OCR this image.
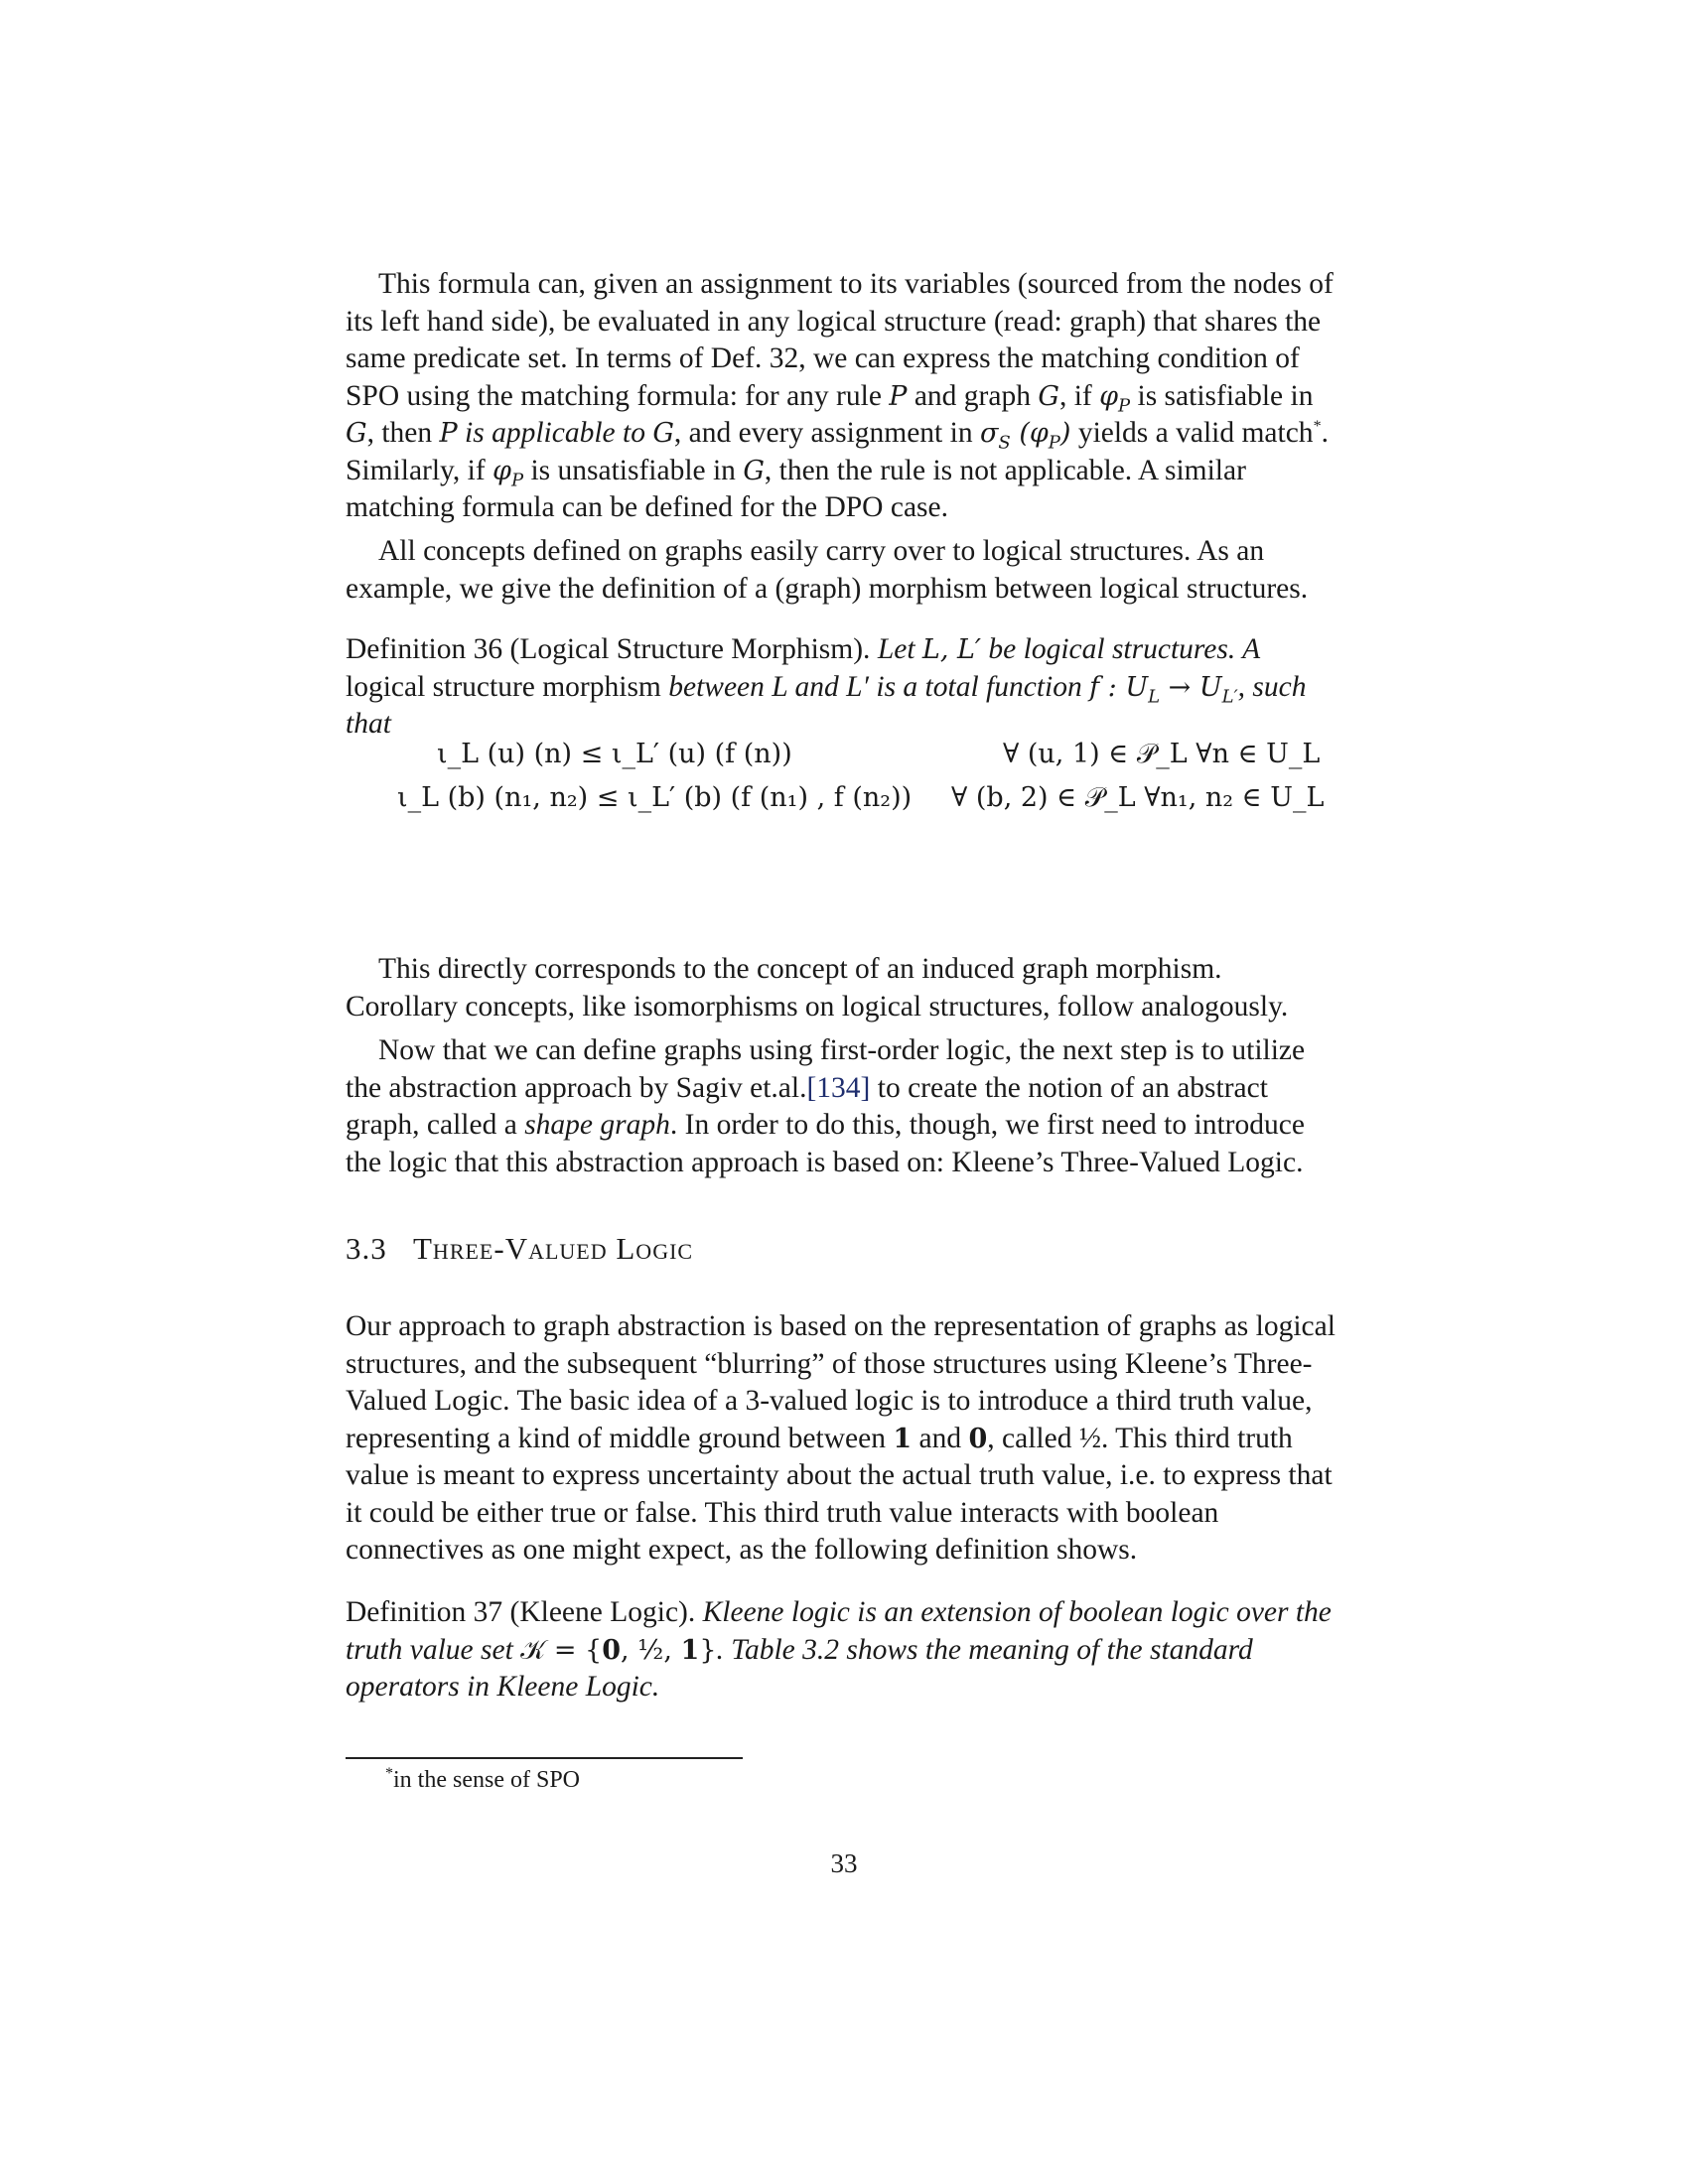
This formula can, given an assignment to its variables (sourced from the nodes of its left hand side), be evaluated in any logical structure (read: graph) that shares the same predicate set. In terms of Def. 32, we can express the matching condition of SPO using the matching formula: for any rule P and graph G, if $\varphi_P$ is satisfiable in G, then P is applicable to G, and every assignment in $\sigma_S$ $(\varphi_P)$ yields a valid match*. Similarly, if $\varphi_P$ is unsatisfiable in G, then the rule is not applicable. A similar matching formula can be defined for the DPO case.

All concepts defined on graphs easily carry over to logical structures. As an example, we give the definition of a (graph) morphism between logical structures.

Definition 36 (Logical Structure Morphism). Let L, L′ be logical structures. A logical structure morphism between L and L′ is a total function f : $U_L \to U_{L'}$, such that

ι_L (u) (n) ≤ ι_L′ (u) (f (n))	∀ (u, 1) ∈ 𝒫_L ∀n ∈ U_L
ι_L (b) (n₁, n₂) ≤ ι_L′ (b) (f (n₁) , f (n₂)) ∀ (b, 2) ∈ 𝒫_L ∀n₁, n₂ ∈ U_L

This directly corresponds to the concept of an induced graph morphism. Corollary concepts, like isomorphisms on logical structures, follow analogously.

Now that we can define graphs using first-order logic, the next step is to utilize the abstraction approach by Sagiv et.al.[134] to create the notion of an abstract graph, called a shape graph. In order to do this, though, we first need to introduce the logic that this abstraction approach is based on: Kleene’s Three-Valued Logic.

3.3 Three-Valued Logic

Our approach to graph abstraction is based on the representation of graphs as logical structures, and the subsequent “blurring” of those structures using Kleene’s Three-Valued Logic. The basic idea of a 3-valued logic is to introduce a third truth value, representing a kind of middle ground between 1 and 0, called ½. This third truth value is meant to express uncertainty about the actual truth value, i.e. to express that it could be either true or false. This third truth value interacts with boolean connectives as one might expect, as the following definition shows.

Definition 37 (Kleene Logic). Kleene logic is an extension of boolean logic over the truth value set 𝒦 = {0, ½, 1}. Table 3.2 shows the meaning of the standard operators in Kleene Logic.

*in the sense of SPO
33
